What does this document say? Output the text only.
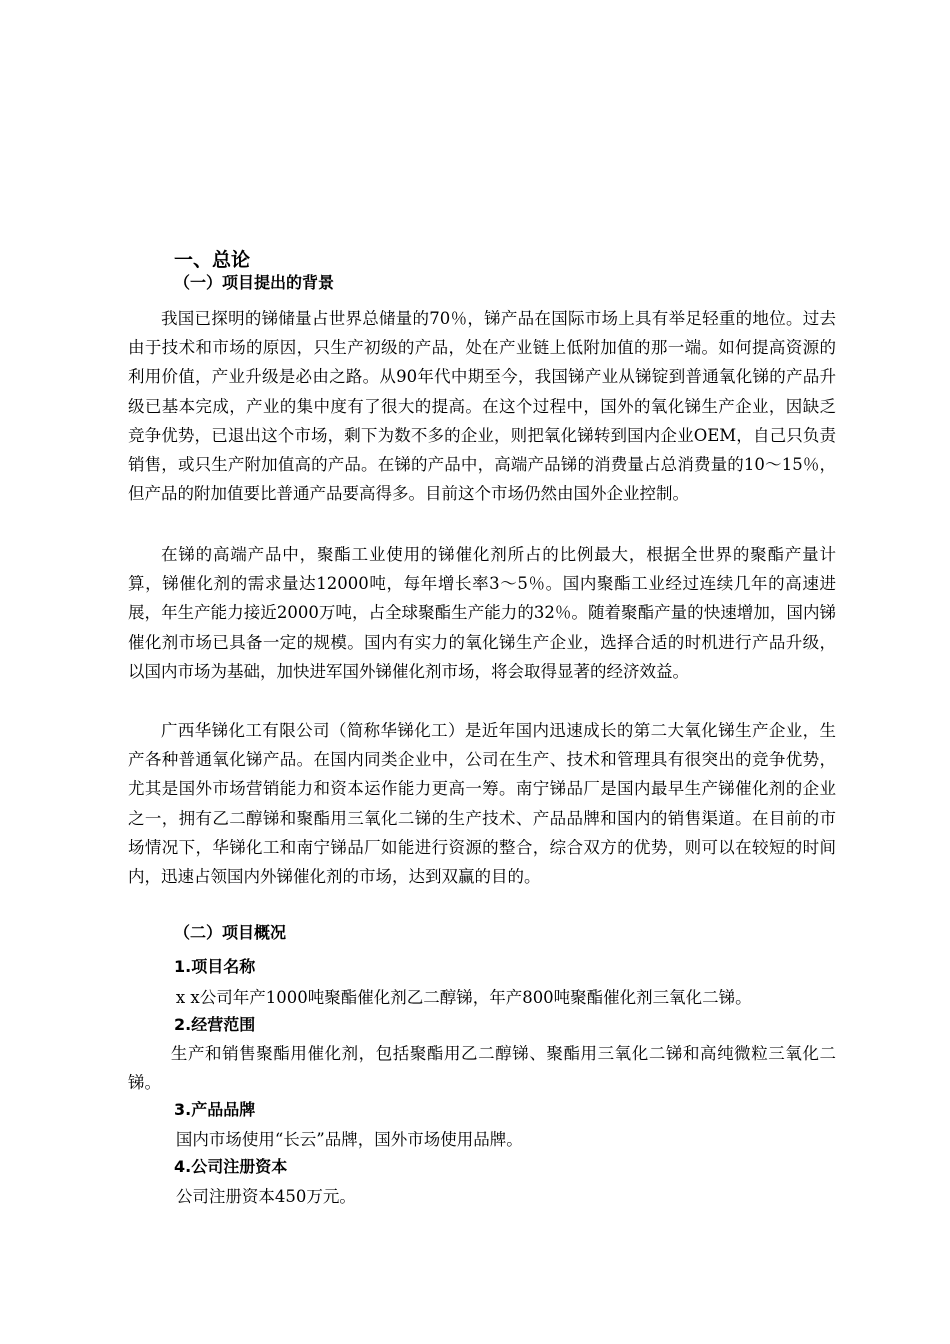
一、总论
（一）项目提出的背景

我国已探明的锑储量占世界总储量的70％，锑产品在国际市场上具有举足轻重的地位。过去由于技术和市场的原因，只生产初级的产品，处在产业链上低附加值的那一端。如何提高资源的利用价值，产业升级是必由之路。从90年代中期至今，我国锑产业从锑锭到普通氧化锑的产品升级已基本完成，产业的集中度有了很大的提高。在这个过程中，国外的氧化锑生产企业，因缺乏竞争优势，已退出这个市场，剩下为数不多的企业，则把氧化锑转到国内企业OEM，自己只负责销售，或只生产附加值高的产品。在锑的产品中，高端产品锑的消费量占总消费量的10～15％，但产品的附加值要比普通产品要高得多。目前这个市场仍然由国外企业控制。

在锑的高端产品中，聚酯工业使用的锑催化剂所占的比例最大，根据全世界的聚酯产量计算，锑催化剂的需求量达12000吨，每年增长率3～5％。国内聚酯工业经过连续几年的高速进展，年生产能力接近2000万吨，占全球聚酯生产能力的32％。随着聚酯产量的快速增加，国内锑催化剂市场已具备一定的规模。国内有实力的氧化锑生产企业，选择合适的时机进行产品升级，以国内市场为基础，加快进军国外锑催化剂市场，将会取得显著的经济效益。

广西华锑化工有限公司（简称华锑化工）是近年国内迅速成长的第二大氧化锑生产企业，生产各种普通氧化锑产品。在国内同类企业中，公司在生产、技术和管理具有很突出的竞争优势，尤其是国外市场营销能力和资本运作能力更高一筹。南宁锑品厂是国内最早生产锑催化剂的企业之一，拥有乙二醇锑和聚酯用三氧化二锑的生产技术、产品品牌和国内的销售渠道。在目前的市场情况下，华锑化工和南宁锑品厂如能进行资源的整合，综合双方的优势，则可以在较短的时间内，迅速占领国内外锑催化剂的市场，达到双赢的目的。

（二）项目概况
1.项目名称

x x公司年产1000吨聚酯催化剂乙二醇锑，年产800吨聚酯催化剂三氧化二锑。

2.经营范围

生产和销售聚酯用催化剂，包括聚酯用乙二醇锑、聚酯用三氧化二锑和高纯微粒三氧化二锑。

3.产品品牌

国内市场使用“长云”品牌，国外市场使用品牌。

4.公司注册资本

公司注册资本450万元。
